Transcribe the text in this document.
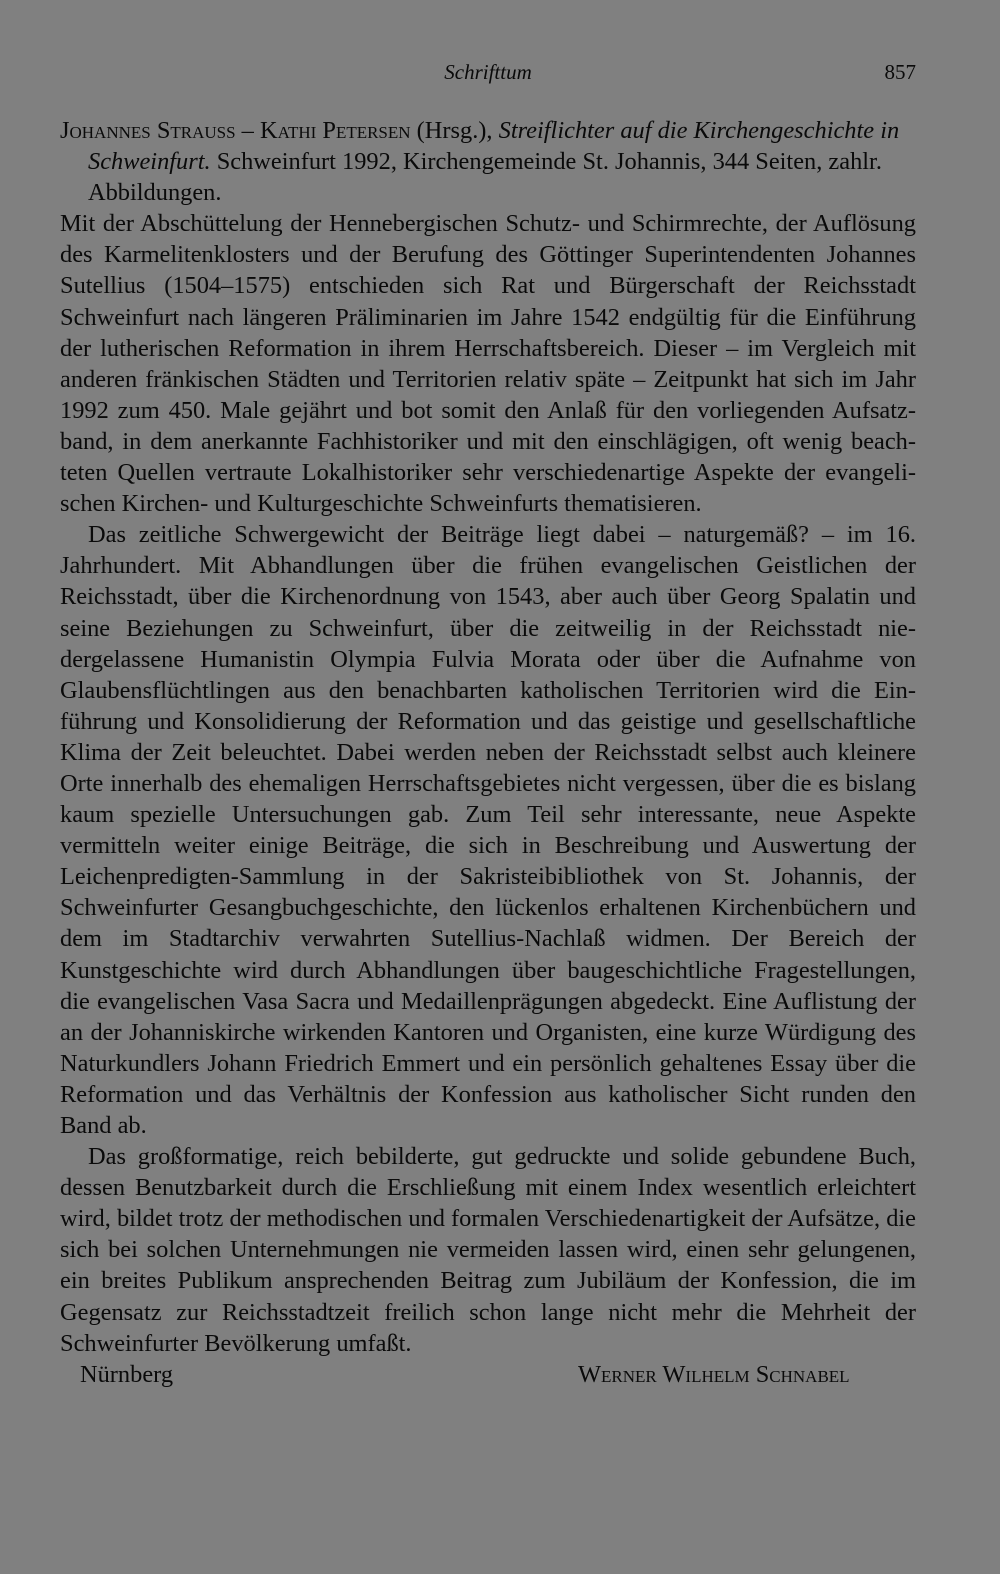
Schrifttum	857

Johannes Strauss – Kathi Petersen (Hrsg.), Streiflichter auf die Kirchengeschichte in Schweinfurt. Schweinfurt 1992, Kirchengemeinde St. Johannis, 344 Seiten, zahlr. Abbildungen.

Mit der Abschüttelung der Hennebergischen Schutz- und Schirmrechte, der Auflösung des Karmelitenklosters und der Berufung des Göttinger Superintendenten Johannes Sutellius (1504–1575) entschieden sich Rat und Bürgerschaft der Reichsstadt Schweinfurt nach längeren Präliminarien im Jahre 1542 endgültig für die Einführung der lutherischen Reformation in ihrem Herrschaftsbereich. Dieser – im Vergleich mit anderen fränkischen Städten und Territorien relativ späte – Zeitpunkt hat sich im Jahr 1992 zum 450. Male gejährt und bot somit den Anlaß für den vorliegenden Aufsatzband, in dem anerkannte Fachhistoriker und mit den einschlägigen, oft wenig beachteten Quellen vertraute Lokalhistoriker sehr verschiedenartige Aspekte der evangelischen Kirchen- und Kulturgeschichte Schweinfurts thematisieren.

Das zeitliche Schwergewicht der Beiträge liegt dabei – naturgemäß? – im 16. Jahrhundert. Mit Abhandlungen über die frühen evangelischen Geistlichen der Reichsstadt, über die Kirchenordnung von 1543, aber auch über Georg Spalatin und seine Beziehungen zu Schweinfurt, über die zeitweilig in der Reichsstadt niedergelassene Humanistin Olympia Fulvia Morata oder über die Aufnahme von Glaubensflüchtlingen aus den benachbarten katholischen Territorien wird die Einführung und Konsolidierung der Reformation und das geistige und gesellschaftliche Klima der Zeit beleuchtet. Dabei werden neben der Reichsstadt selbst auch kleinere Orte innerhalb des ehemaligen Herrschaftsgebietes nicht vergessen, über die es bislang kaum spezielle Untersuchungen gab. Zum Teil sehr interessante, neue Aspekte vermitteln weiter einige Beiträge, die sich in Beschreibung und Auswertung der Leichenpredigten-Sammlung in der Sakristeibibliothek von St. Johannis, der Schweinfurter Gesangbuchgeschichte, den lückenlos erhaltenen Kirchenbüchern und dem im Stadtarchiv verwahrten Sutellius-Nachlaß widmen. Der Bereich der Kunstgeschichte wird durch Abhandlungen über baugeschichtliche Fragestellungen, die evangelischen Vasa Sacra und Medaillenprägungen abgedeckt. Eine Auflistung der an der Johanniskirche wirkenden Kantoren und Organisten, eine kurze Würdigung des Naturkundlers Johann Friedrich Emmert und ein persönlich gehaltenes Essay über die Reformation und das Verhältnis der Konfession aus katholischer Sicht runden den Band ab.

Das großformatige, reich bebilderte, gut gedruckte und solide gebundene Buch, dessen Benutzbarkeit durch die Erschließung mit einem Index wesentlich erleichtert wird, bildet trotz der methodischen und formalen Verschiedenartigkeit der Aufsätze, die sich bei solchen Unternehmungen nie vermeiden lassen wird, einen sehr gelungenen, ein breites Publikum ansprechenden Beitrag zum Jubiläum der Konfession, die im Gegensatz zur Reichsstadtzeit freilich schon lange nicht mehr die Mehrheit der Schweinfurter Bevölkerung umfaßt.

Nürnberg	Werner Wilhelm Schnabel
